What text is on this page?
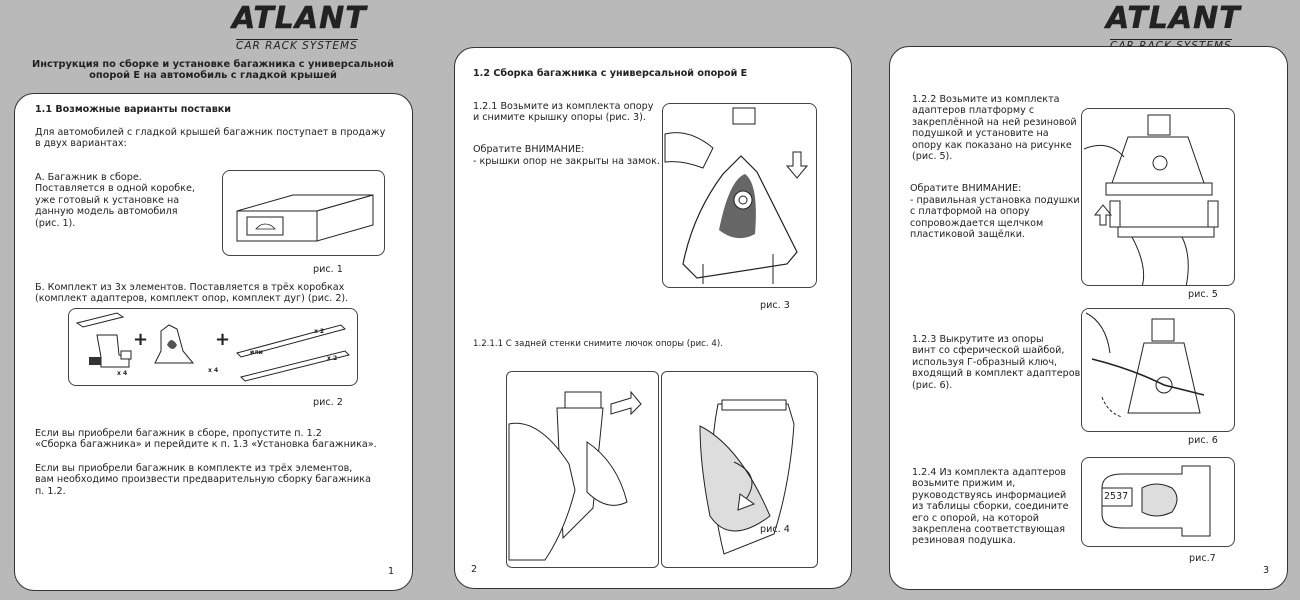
ATLANT
CAR RACK SYSTEMS
ATLANT
Инструкция по сборке и установке багажника с универсальной
опорой Е на автомобиль с гладкой крышей
1.1 Возможные варианты поставки
Для автомобилей с гладкой крышей багажник поступает в продажу
в двух вариантах:
А. Багажник в сборе.
Поставляется в одной коробке,
уже готовый к установке на
данную модель автомобиля
(рис. 1).
рис. 1
Б. Комплект из 3х элементов. Поставляется в трёх коробках
(комплект адаптеров, комплект опор, комплект дуг) (рис. 2).
+	+
x 4	x 4
x 2
x 2
или
рис. 2
Если вы приобрели багажник в сборе, пропустите п. 1.2
«Сборка багажника» и перейдите к п. 1.3 «Установка багажника».
Если вы приобрели багажник в комплекте из трёх элементов,
вам необходимо произвести предварительную сборку багажника
п. 1.2.
1
1.2 Сборка багажника с универсальной опорой Е
1.2.1 Возьмите из комплекта опору
и снимите крышку опоры (рис. 3).
Обратите ВНИМАНИЕ:
- крышки опор не закрыты на замок.
рис. 3
1.2.1.1 С задней стенки снимите лючок опоры (рис. 4).
рис. 4
2
1.2.2 Возьмите из комплекта
адаптеров платформу с
закреплённой на ней резиновой
подушкой и установите на
опору как показано на рисунке
(рис. 5).
Обратите ВНИМАНИЕ:
- правильная установка подушки
с платформой на опору
сопровождается щелчком
пластиковой защёлки.
рис. 5
1.2.3 Выкрутите из опоры
винт со сферической шайбой,
используя Г-образный ключ,
входящий в комплект адаптеров
(рис. 6).
рис. 6
1.2.4 Из комплекта адаптеров
возьмите прижим и,
руководствуясь информацией
из таблицы сборки, соедините
его с опорой, на которой
закреплена соответствующая
резиновая подушка.
2537
рис.7
3
